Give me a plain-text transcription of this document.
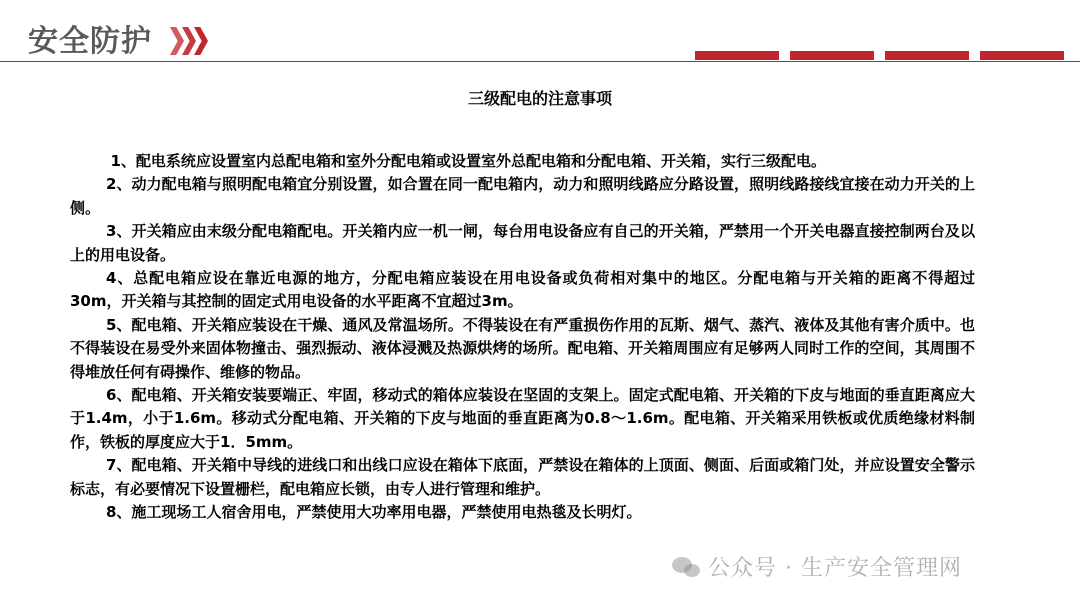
安全防护
三级配电的注意事项

1、配电系统应设置室内总配电箱和室外分配电箱或设置室外总配电箱和分配电箱、开关箱，实行三级配电。

2、动力配电箱与照明配电箱宜分别设置，如合置在同一配电箱内，动力和照明线路应分路设置，照明线路接线宜接在动力开关的上侧。

3、开关箱应由末级分配电箱配电。开关箱内应一机一闸，每台用电设备应有自己的开关箱，严禁用一个开关电器直接控制两台及以上的用电设备。

4、总配电箱应设在靠近电源的地方，分配电箱应装设在用电设备或负荷相对集中的地区。分配电箱与开关箱的距离不得超过30m，开关箱与其控制的固定式用电设备的水平距离不宜超过3m。

5、配电箱、开关箱应装设在干燥、通风及常温场所。不得装设在有严重损伤作用的瓦斯、烟气、蒸汽、液体及其他有害介质中。也不得装设在易受外来固体物撞击、强烈振动、液体浸溅及热源烘烤的场所。配电箱、开关箱周围应有足够两人同时工作的空间，其周围不得堆放任何有碍操作、维修的物品。

6、配电箱、开关箱安装要端正、牢固，移动式的箱体应装设在坚固的支架上。固定式配电箱、开关箱的下皮与地面的垂直距离应大于1.4m，小于1.6m。移动式分配电箱、开关箱的下皮与地面的垂直距离为0.8～1.6m。配电箱、开关箱采用铁板或优质绝缘材料制作，铁板的厚度应大于1．5mm。

7、配电箱、开关箱中导线的进线口和出线口应设在箱体下底面，严禁设在箱体的上顶面、侧面、后面或箱门处，并应设置安全警示标志，有必要情况下设置栅栏，配电箱应长锁，由专人进行管理和维护。

8、施工现场工人宿舍用电，严禁使用大功率用电器，严禁使用电热毯及长明灯。

公众号 · 生产安全管理网
